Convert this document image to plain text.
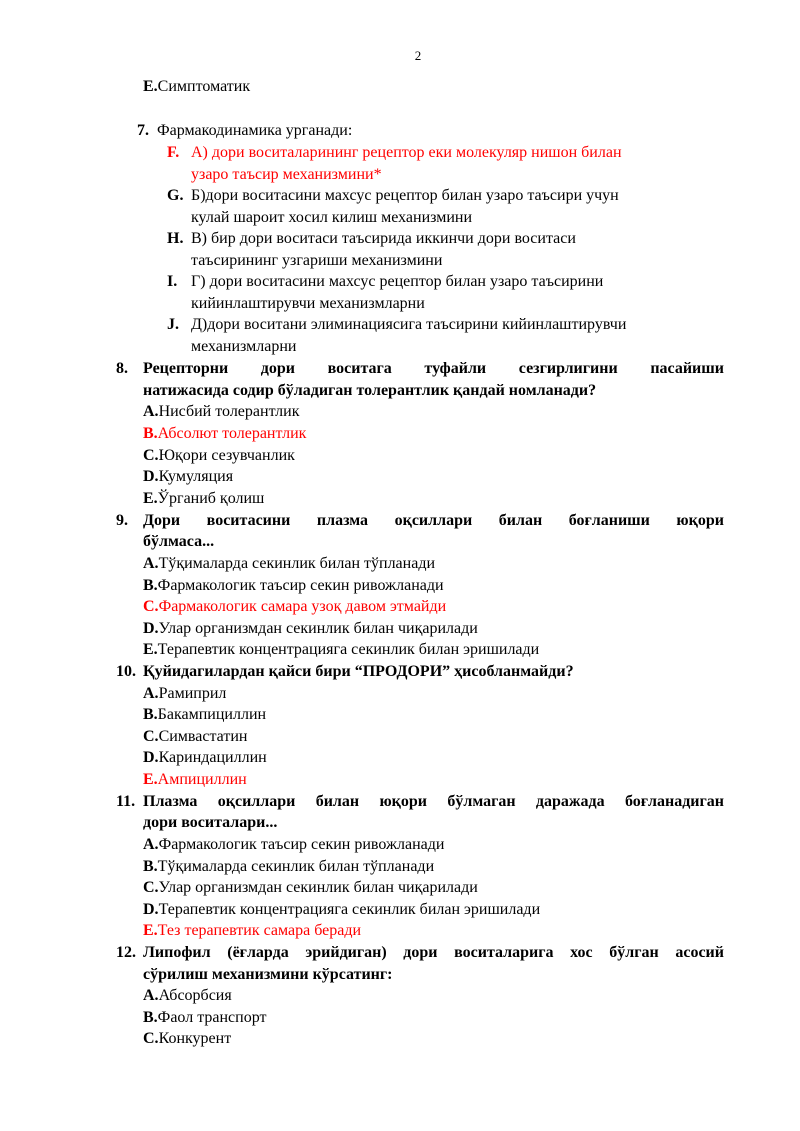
2
E.Симптоматик
7. Фармакодинамика урганади:
F. А) дори воситаларининг рецептор еки молекуляр нишон билан
узаро таъсир механизмини*
G. Б)дори воситасини махсус рецептор билан узаро таъсири учун
кулай шароит хосил килиш механизмини
H. В) бир дори воситаси таъсирида иккинчи дори воситаси
таъсирининг узгариши механизмини
I. Г) дори воситасини махсус рецептор билан узаро таъсирини
кийинлаштирувчи механизмларни
J. Д)дори воситани элиминациясига таъсирини кийинлаштирувчи
механизмларни
8. Рецепторни дори воситага туфайли сезгирлигини пасайиши
натижасида содир бўладиган толерантлик қандай номланади?
A.Нисбий толерантлик
B.Абсолют толерантлик
C.Юқори сезувчанлик
D.Кумуляция
E.Ўрганиб қолиш
9. Дори воситасини плазма оқсиллари билан боғланиши юқори
бўлмаса...
A.Тўқималарда секинлик билан тўпланади
B.Фармакологик таъсир секин ривожланади
C.Фармакологик самара узоқ давом этмайди
D.Улар организмдан секинлик билан чиқарилади
E.Терапевтик концентрацияга секинлик билан эришилади
10. Қуйидагилардан қайси бири “ПРОДОРИ” ҳисобланмайди?
A.Рамиприл
B.Бакампициллин
C.Симвастатин
D.Кариндациллин
E.Ампициллин
11. Плазма оқсиллари билан юқори бўлмаган даражада боғланадиган
дори воситалари...
A.Фармакологик таъсир секин ривожланади
B.Тўқималарда секинлик билан тўпланади
C.Улар организмдан секинлик билан чиқарилади
D.Терапевтик концентрацияга секинлик билан эришилади
E.Тез терапевтик самара беради
12. Липофил (ёғларда эрийдиган) дори воситаларига хос бўлган асосий
сўрилиш механизмини кўрсатинг:
A.Абсорбсия
B.Фаол транспорт
C.Конкурент
